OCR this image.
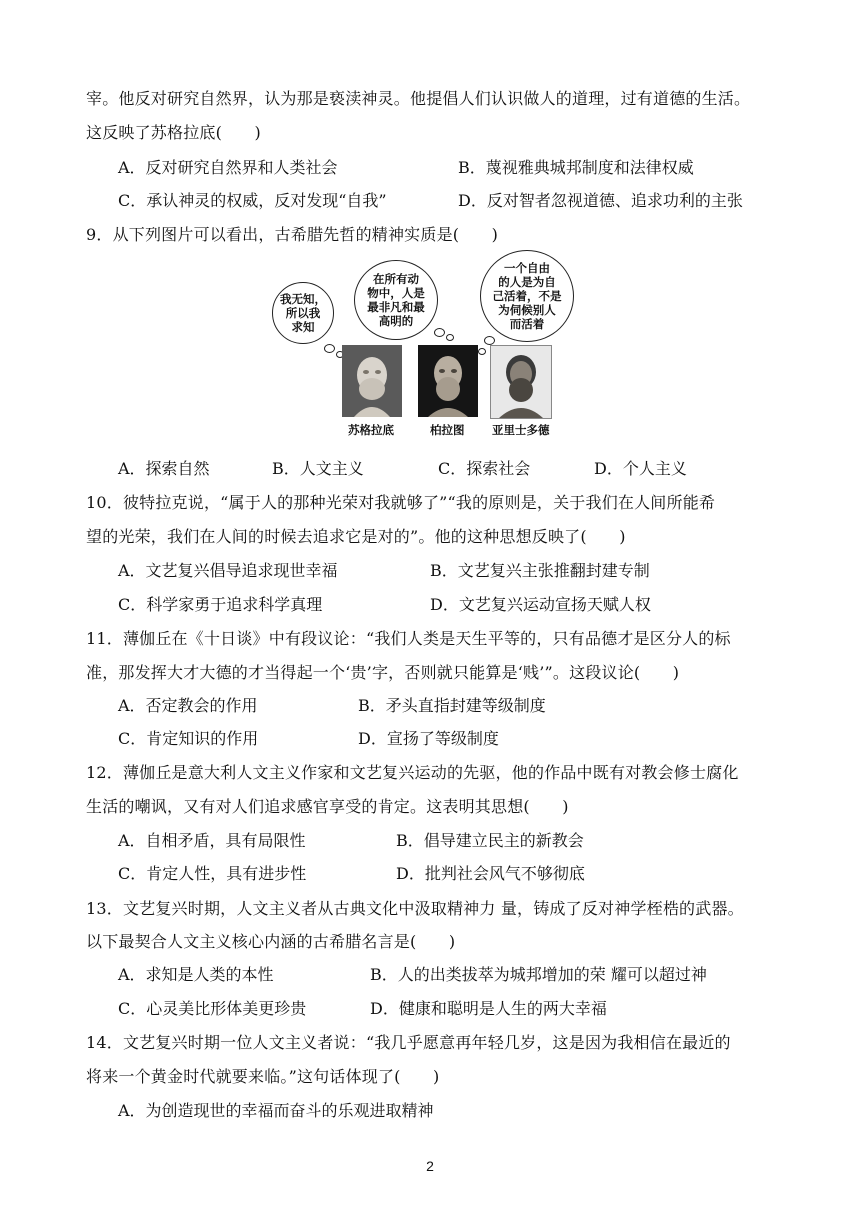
宰。他反对研究自然界，认为那是亵渎神灵。他提倡人们认识做人的道理，过有道德的生活。
这反映了苏格拉底(　　)
A．反对研究自然界和人类社会	B．蔑视雅典城邦制度和法律权威
C．承认神灵的权威，反对发现“自我”	D．反对智者忽视道德、追求功利的主张
9．从下列图片可以看出，古希腊先哲的精神实质是(　　)
我无知，
所以我
求知
在所有动
物中，人是
最非凡和最
高明的
一个自由
的人是为自
己活着，不是
为伺候别人
而活着
苏格拉底	柏拉图 亚里士多德
A．探索自然	B．人文主义	C．探索社会	D．个人主义
10．彼特拉克说，“属于人的那种光荣对我就够了”“我的原则是，关于我们在人间所能希
望的光荣，我们在人间的时候去追求它是对的”。他的这种思想反映了(　　)
A．文艺复兴倡导追求现世幸福	B．文艺复兴主张推翻封建专制
C．科学家勇于追求科学真理	D．文艺复兴运动宣扬天赋人权
11．薄伽丘在《十日谈》中有段议论：“我们人类是天生平等的，只有品德才是区分人的标
准，那发挥大才大德的才当得起一个‘贵’字，否则就只能算是‘贱’”。这段议论(　　)
A．否定教会的作用	B．矛头直指封建等级制度
C．肯定知识的作用	D．宣扬了等级制度
12．薄伽丘是意大利人文主义作家和文艺复兴运动的先驱，他的作品中既有对教会修士腐化
生活的嘲讽，又有对人们追求感官享受的肯定。这表明其思想(　　)
A．自相矛盾，具有局限性	B．倡导建立民主的新教会
C．肯定人性，具有进步性	D．批判社会风气不够彻底
13．文艺复兴时期，人文主义者从古典文化中汲取精神力 量，铸成了反对神学桎梏的武器。
以下最契合人文主义核心内涵的古希腊名言是(　　)
A．求知是人类的本性	B．人的出类拔萃为城邦增加的荣 耀可以超过神
C．心灵美比形体美更珍贵	D．健康和聪明是人生的两大幸福
14．文艺复兴时期一位人文主义者说：“我几乎愿意再年轻几岁，这是因为我相信在最近的
将来一个黄金时代就要来临。”这句话体现了(　　)
A．为创造现世的幸福而奋斗的乐观进取精神
2
